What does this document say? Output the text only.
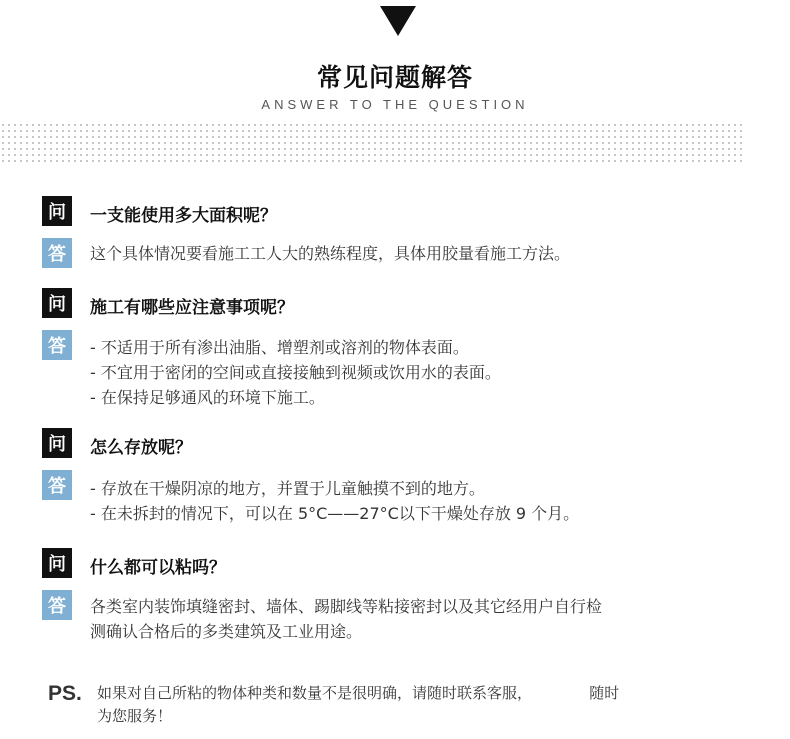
常见问题解答
ANSWER TO THE QUESTION
问	一支能使用多大面积呢？
答	这个具体情况要看施工工人大的熟练程度，具体用胶量看施工方法。
问	施工有哪些应注意事项呢？
答	- 不适用于所有渗出油脂、增塑剂或溶剂的物体表面。
- 不宜用于密闭的空间或直接接触到视频或饮用水的表面。
- 在保持足够通风的环境下施工。
问	怎么存放呢？
答	- 存放在干燥阴凉的地方，并置于儿童触摸不到的地方。
- 在未拆封的情况下，可以在 5°C——27°C以下干燥处存放 9 个月。
问	什么都可以粘吗？
答	各类室内装饰填缝密封、墙体、踢脚线等粘接密封以及其它经用户自行检
测确认合格后的多类建筑及工业用途。
PS. 如果对自己所粘的物体种类和数量不是很明确，请随时联系客服，            随时
为您服务！
